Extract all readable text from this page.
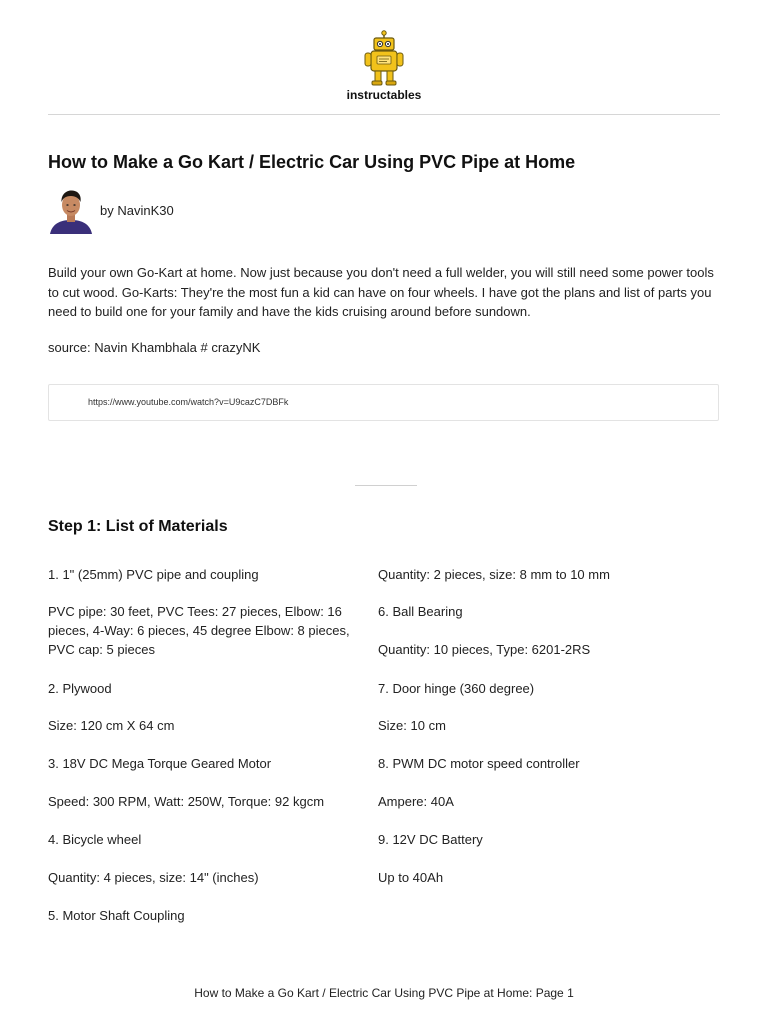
instructables
How to Make a Go Kart / Electric Car Using PVC Pipe at Home
by NavinK30

Build your own Go-Kart at home. Now just because you don't need a full welder, you will still need some power tools to cut wood. Go-Karts: They're the most fun a kid can have on four wheels. I have got the plans and list of parts you need to build one for your family and have the kids cruising around before sundown.

source: Navin Khambhala # crazyNK

https://www.youtube.com/watch?v=U9cazC7DBFk
Step 1: List of Materials

1. 1" (25mm) PVC pipe and coupling

PVC pipe: 30 feet, PVC Tees: 27 pieces, Elbow: 16 pieces, 4-Way: 6 pieces, 45 degree Elbow: 8 pieces, PVC cap: 5 pieces

2. Plywood

Size: 120 cm X 64 cm

3. 18V DC Mega Torque Geared Motor

Speed: 300 RPM, Watt: 250W, Torque: 92 kgcm

4. Bicycle wheel

Quantity: 4 pieces, size: 14" (inches)

5. Motor Shaft Coupling

Quantity: 2 pieces, size: 8 mm to 10 mm

6. Ball Bearing

Quantity: 10 pieces, Type: 6201-2RS

7. Door hinge (360 degree)

Size: 10 cm

8. PWM DC motor speed controller

Ampere: 40A

9. 12V DC Battery

Up to 40Ah

How to Make a Go Kart / Electric Car Using PVC Pipe at Home: Page 1
